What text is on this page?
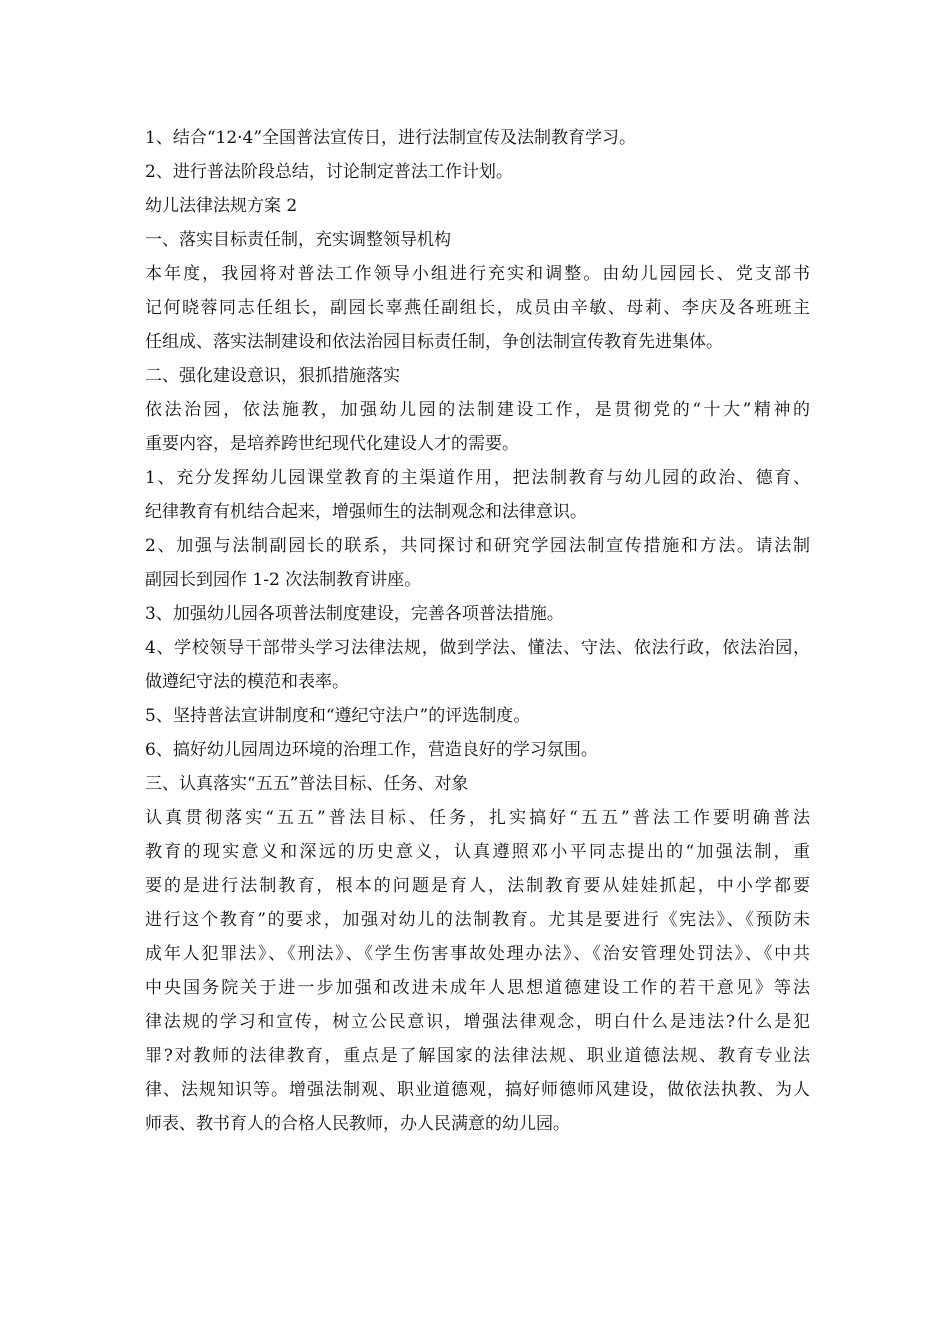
1、结合“12·4”全国普法宣传日，进行法制宣传及法制教育学习。
2、进行普法阶段总结，讨论制定普法工作计划。
幼儿法律法规方案 2
一、落实目标责任制，充实调整领导机构
本年度，我园将对普法工作领导小组进行充实和调整。由幼儿园园长、党支部书
记何晓蓉同志任组长，副园长辜燕任副组长，成员由辛敏、母莉、李庆及各班班主
任组成、落实法制建设和依法治园目标责任制，争创法制宣传教育先进集体。
二、强化建设意识，狠抓措施落实
依法治园，依法施教，加强幼儿园的法制建设工作，是贯彻党的“十大”精神的
重要内容，是培养跨世纪现代化建设人才的需要。
1、充分发挥幼儿园课堂教育的主渠道作用，把法制教育与幼儿园的政治、德育、
纪律教育有机结合起来，增强师生的法制观念和法律意识。
2、加强与法制副园长的联系，共同探讨和研究学园法制宣传措施和方法。请法制
副园长到园作 1-2 次法制教育讲座。
3、加强幼儿园各项普法制度建设，完善各项普法措施。
4、学校领导干部带头学习法律法规，做到学法、懂法、守法、依法行政，依法治园，
做遵纪守法的模范和表率。
5、坚持普法宣讲制度和“遵纪守法户”的评选制度。
6、搞好幼儿园周边环境的治理工作，营造良好的学习氛围。
三、认真落实“五五”普法目标、任务、对象
认真贯彻落实“五五”普法目标、任务，扎实搞好“五五”普法工作要明确普法
教育的现实意义和深远的历史意义，认真遵照邓小平同志提出的“加强法制，重
要的是进行法制教育，根本的问题是育人，法制教育要从娃娃抓起，中小学都要
进行这个教育”的要求，加强对幼儿的法制教育。尤其是要进行《宪法》、《预防未
成年人犯罪法》、《刑法》、《学生伤害事故处理办法》、《治安管理处罚法》、《中共
中央国务院关于进一步加强和改进未成年人思想道德建设工作的若干意见》等法
律法规的学习和宣传，树立公民意识，增强法律观念，明白什么是违法?什么是犯
罪?对教师的法律教育，重点是了解国家的法律法规、职业道德法规、教育专业法
律、法规知识等。增强法制观、职业道德观，搞好师德师风建设，做依法执教、为人
师表、教书育人的合格人民教师，办人民满意的幼儿园。
